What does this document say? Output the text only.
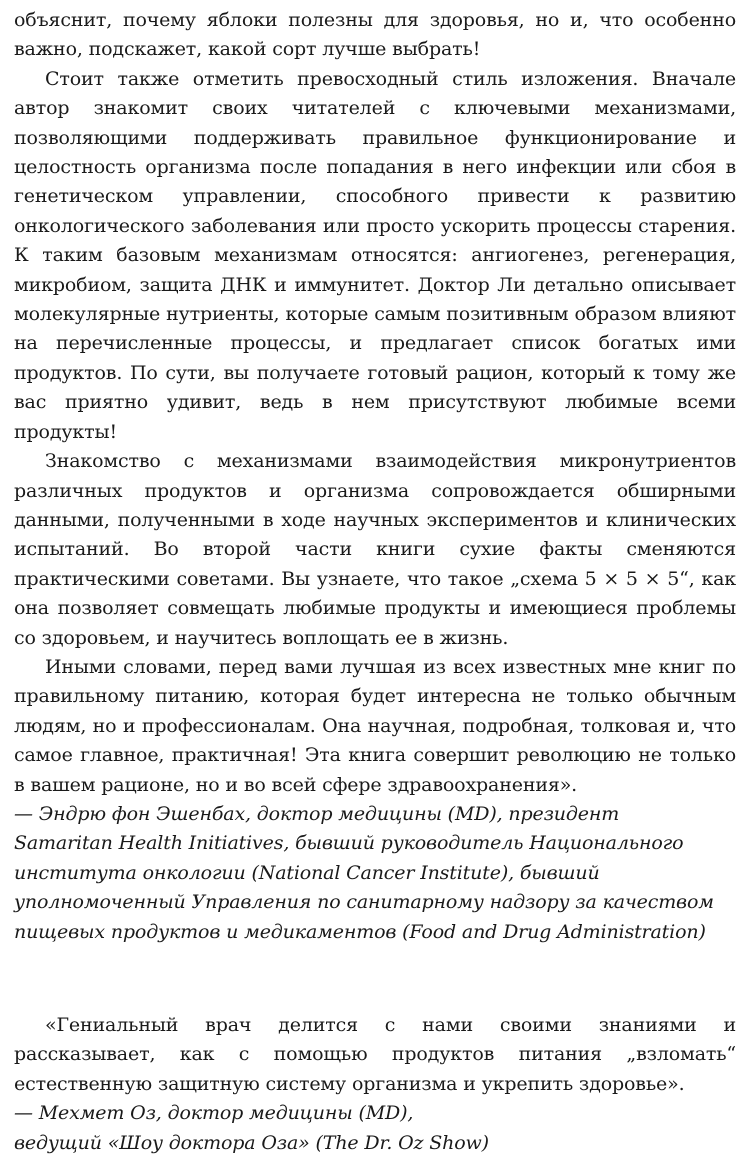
объяснит, почему яблоки полезны для здоровья, но и, что особенно важно, подскажет, какой сорт лучше выбрать!

Стоит также отметить превосходный стиль изложения. Вначале автор знакомит своих читателей с ключевыми механизмами, позволяющими поддерживать правильное функционирование и целостность организма после попадания в него инфекции или сбоя в генетическом управлении, способного привести к развитию онкологического заболевания или просто ускорить процессы старения. К таким базовым механизмам относятся: ангиогенез, регенерация, микробиом, защита ДНК и иммунитет. Доктор Ли детально описывает молекулярные нутриенты, которые самым позитивным образом влияют на перечисленные процессы, и предлагает список богатых ими продуктов. По сути, вы получаете готовый рацион, который к тому же вас приятно удивит, ведь в нем присутствуют любимые всеми продукты!

Знакомство с механизмами взаимодействия микронутриентов различных продуктов и организма сопровождается обширными данными, полученными в ходе научных экспериментов и клинических испытаний. Во второй части книги сухие факты сменяются практическими советами. Вы узнаете, что такое „схема 5 × 5 × 5“, как она позволяет совмещать любимые продукты и имеющиеся проблемы со здоровьем, и научитесь воплощать ее в жизнь.

Иными словами, перед вами лучшая из всех известных мне книг по правильному питанию, которая будет интересна не только обычным людям, но и профессионалам. Она научная, подробная, толковая и, что самое главное, практичная! Эта книга совершит революцию не только в вашем рационе, но и во всей сфере здравоохранения».

— Эндрю фон Эшенбах, доктор медицины (MD), президент

Samaritan Health Initiatives, бывший руководитель Национального

института онкологии (National Cancer Institute), бывший

уполномоченный Управления по санитарному надзору за качеством

пищевых продуктов и медикаментов (Food and Drug Administration)

«Гениальный врач делится с нами своими знаниями и рассказывает, как с помощью продуктов питания „взломать“ естественную защитную систему организма и укрепить здоровье».

— Мехмет Оз, доктор медицины (MD),

ведущий «Шоу доктора Оза» (The Dr. Oz Show)
